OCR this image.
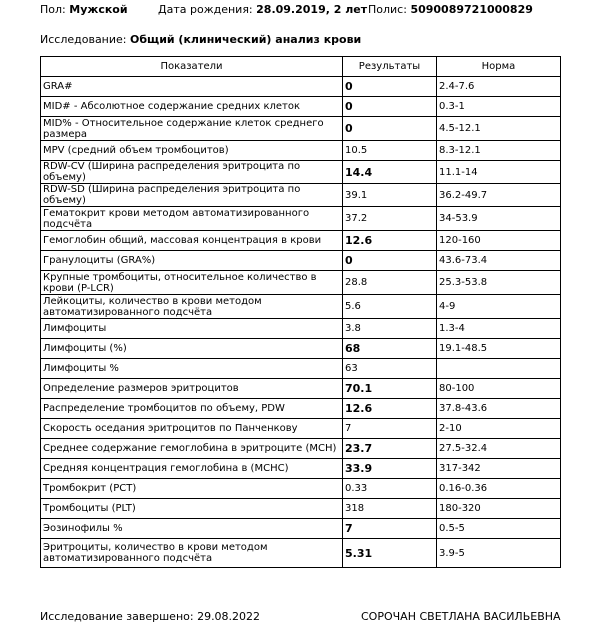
Пол: Мужской	Дата рождения: 28.09.2019, 2 лет Полис: 5090089721000829
Исследование: Общий (клинический) анализ крови
Показатели	Результаты	Норма
GRA#	0	2.4-7.6
MID# - Абсолютное содержание средних клеток	0	0.3-1
MID% - Относительное содержание клеток среднего размера	0	4.5-12.1
MPV (средний объем тромбоцитов)	10.5	8.3-12.1
RDW-CV (Ширина распределения эритроцита по объему)	14.4	11.1-14
RDW-SD (Ширина распределения эритроцита по объему)	39.1	36.2-49.7
Гематокрит крови методом автоматизированного подсчёта	37.2	34-53.9
Гемоглобин общий, массовая концентрация в крови	12.6	120-160
Гранулоциты (GRA%)	0	43.6-73.4
Крупные тромбоциты, относительное количество в крови (P-LCR)	28.8	25.3-53.8
Лейкоциты, количество в крови методом автоматизированного подсчёта	5.6	4-9
Лимфоциты	3.8	1.3-4
Лимфоциты (%)	68	19.1-48.5
Лимфоциты %	63	
Определение размеров эритроцитов	70.1	80-100
Распределение тромбоцитов по объему, PDW	12.6	37.8-43.6
Скорость оседания эритроцитов по Панченкову	7	2-10
Среднее содержание гемоглобина в эритроците (МСН)	23.7	27.5-32.4
Средняя концентрация гемоглобина в (MCHC)	33.9	317-342
Тромбокрит (PCT)	0.33	0.16-0.36
Тромбоциты (PLT)	318	180-320
Эозинофилы %	7	0.5-5
Эритроциты, количество в крови методом автоматизированного подсчёта	5.31	3.9-5
Исследование завершено: 29.08.2022	СОРОЧАН СВЕТЛАНА ВАСИЛЬЕВНА
